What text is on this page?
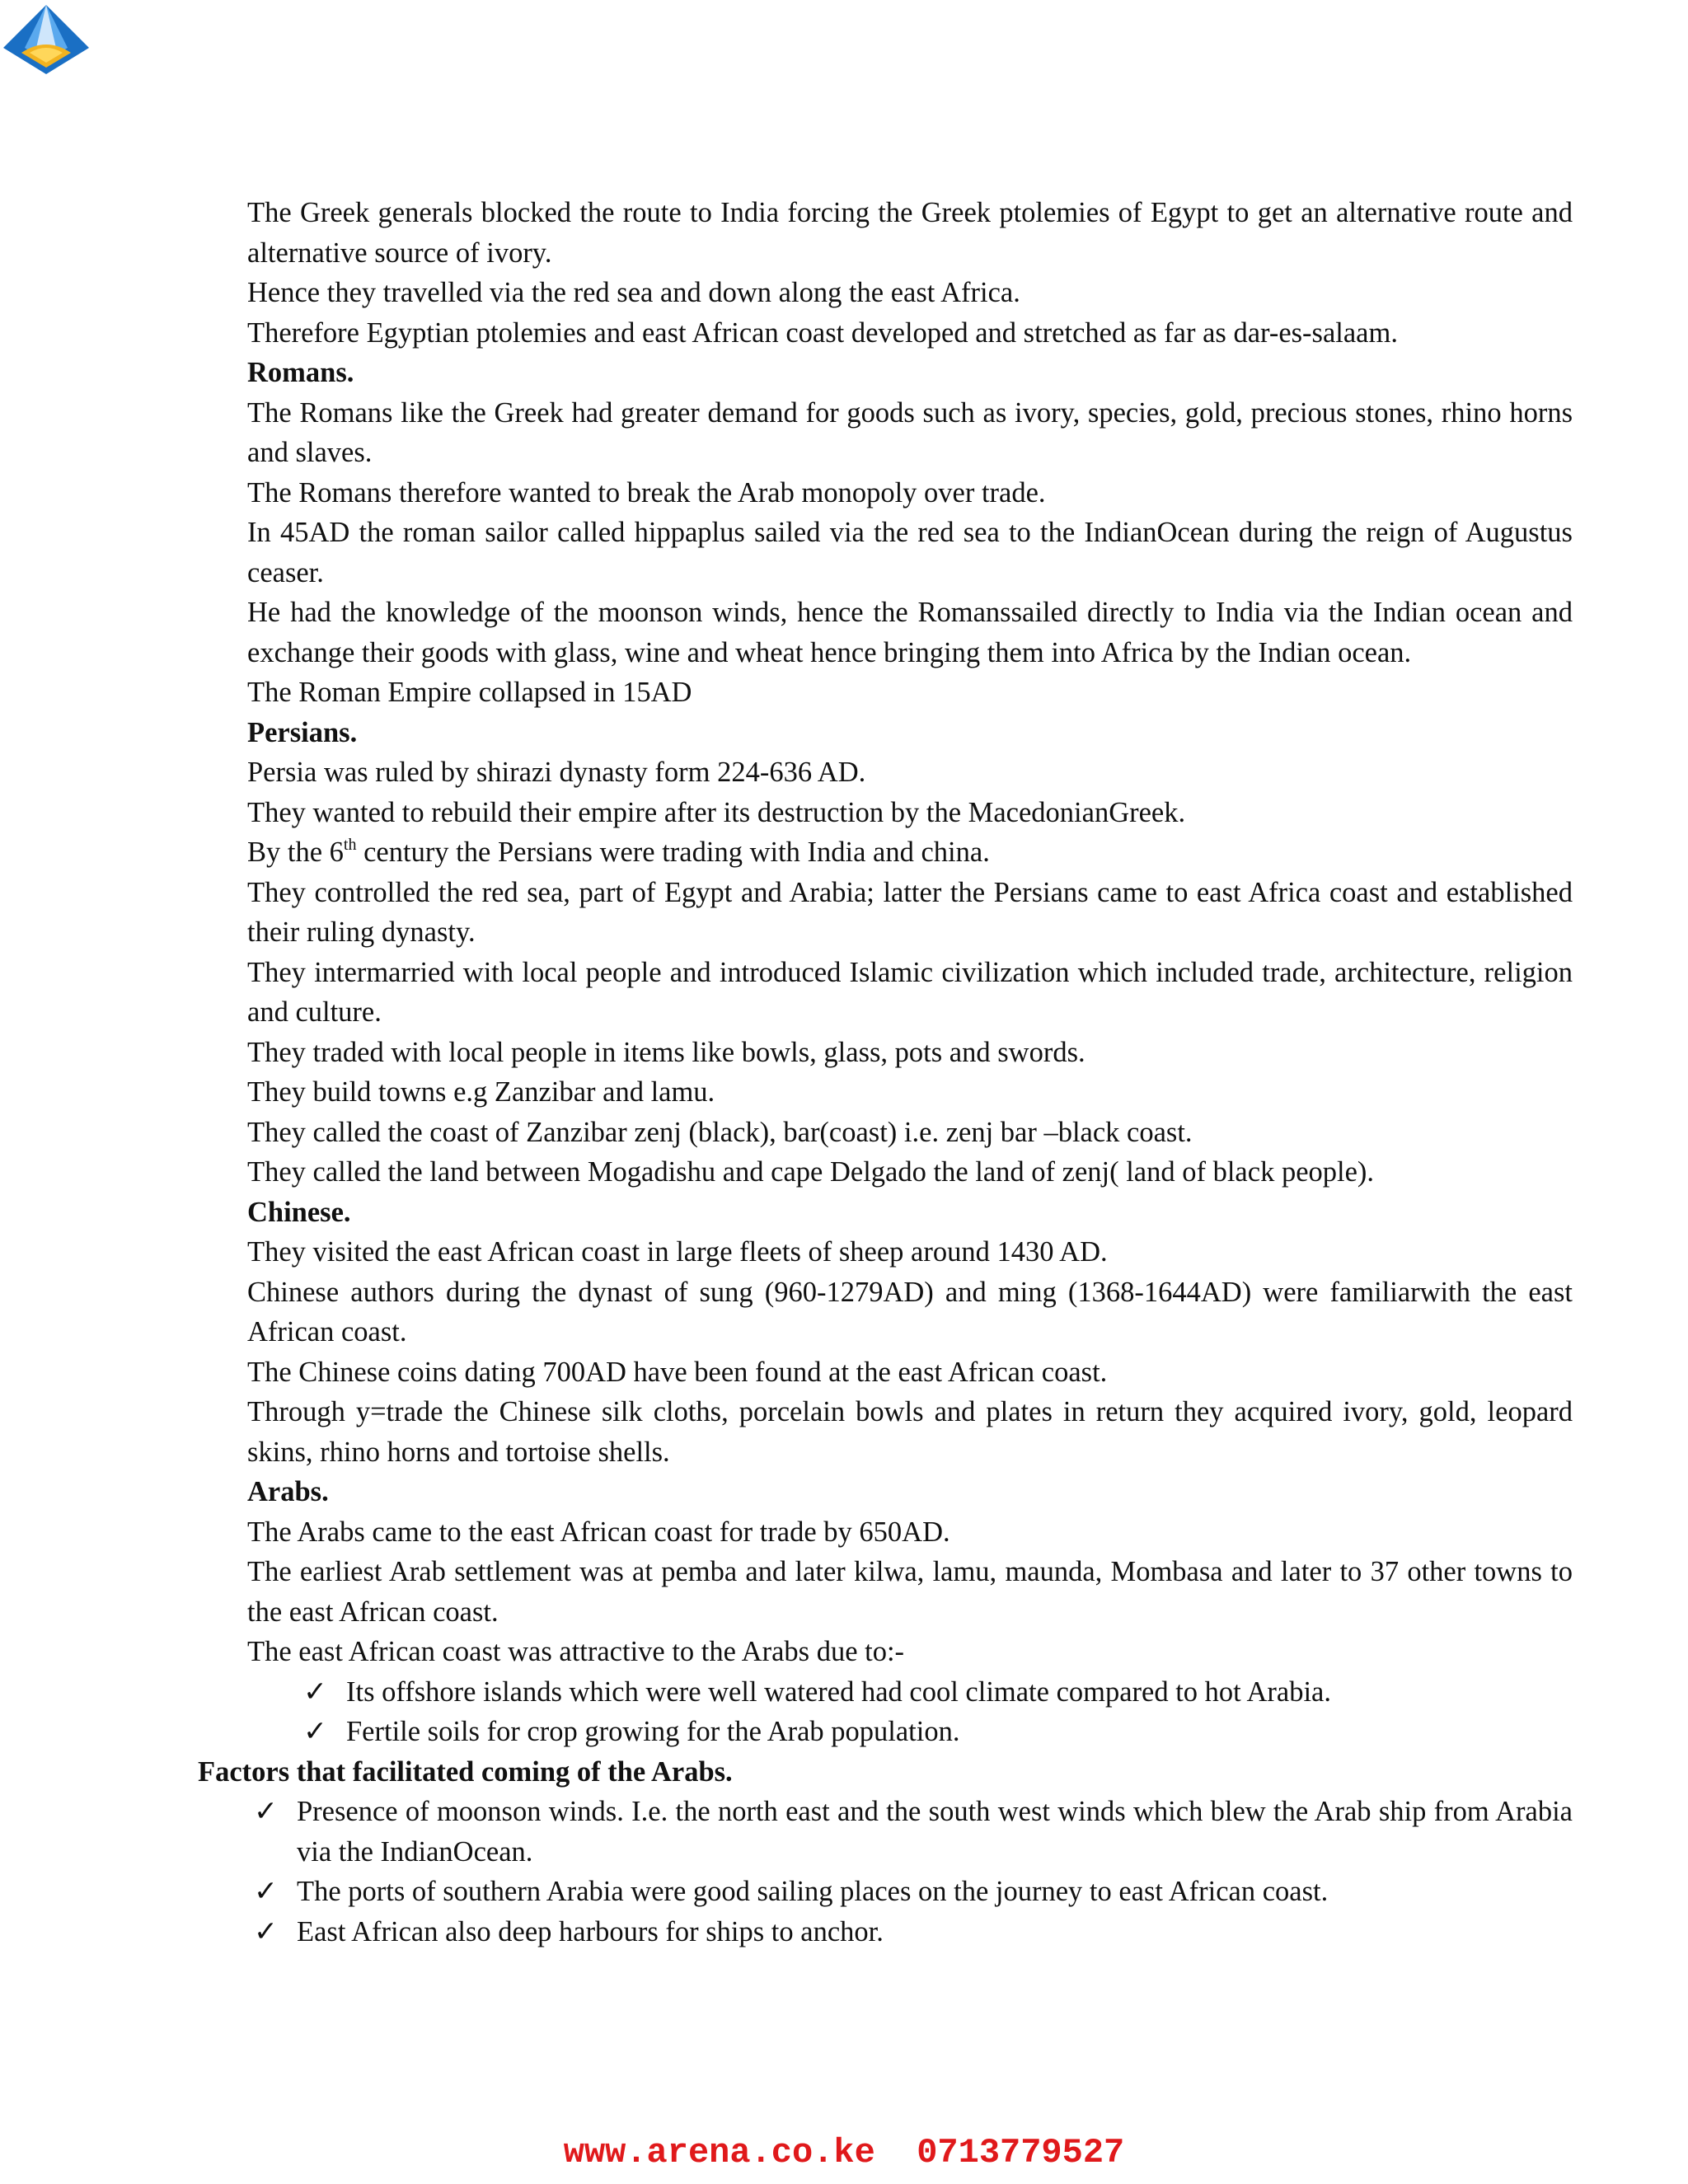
The Greek generals blocked the route to India forcing the Greek ptolemies of Egypt to get an alternative route and alternative source of ivory.

Hence they travelled via the red sea and down along the east Africa.

Therefore Egyptian ptolemies and east African coast developed and stretched as far as dar-es-salaam.

Romans.

The Romans like the Greek had greater demand for goods such as ivory, species, gold, precious stones, rhino horns and slaves.

The Romans therefore wanted to break the Arab monopoly over trade.

In 45AD the roman sailor called hippaplus sailed via the red sea to the IndianOcean during the reign of Augustus ceaser.

He had the knowledge of the moonson winds, hence the Romanssailed directly to India via the Indian ocean and exchange their goods with glass, wine and wheat hence bringing them into Africa by the Indian ocean.

The Roman Empire collapsed in 15AD

Persians.

Persia was ruled by shirazi dynasty form 224-636 AD.

They wanted to rebuild their empire after its destruction by the MacedonianGreek.

By the 6th century the Persians were trading with India and china.

They controlled the red sea, part of Egypt and Arabia; latter the Persians came to east Africa coast and established their ruling dynasty.

They intermarried with local people and introduced Islamic civilization which included trade, architecture, religion and culture.

They traded with local people in items like bowls, glass, pots and swords.

They build towns e.g Zanzibar and lamu.

They called the coast of Zanzibar zenj (black), bar(coast) i.e. zenj bar –black coast.

They called the land between Mogadishu and cape Delgado the land of zenj( land of black people).

Chinese.

They visited the east African coast in large fleets of sheep around 1430 AD.

Chinese authors during the dynast of sung (960-1279AD) and ming (1368-1644AD) were familiarwith the east African coast.

The Chinese coins dating 700AD have been found at the east African coast.

Through y=trade the Chinese silk cloths, porcelain bowls and plates in return they acquired ivory, gold, leopard skins, rhino horns and tortoise shells.

Arabs.

The Arabs came to the east African coast for trade by 650AD.

The earliest Arab settlement was at pemba and later kilwa, lamu, maunda, Mombasa and later to 37 other towns to the east African coast.

The east African coast was attractive to the Arabs due to:-

✓ Its offshore islands which were well watered had cool climate compared to hot Arabia.
✓ Fertile soils for crop growing for the Arab population.

Factors that facilitated coming of the Arabs.

✓ Presence of moonson winds. I.e. the north east and the south west winds which blew the Arab ship from Arabia via the IndianOcean.
✓ The ports of southern Arabia were good sailing places on the journey to east African coast.
✓ East African also deep harbours for ships to anchor.
www.arena.co.ke  0713779527
